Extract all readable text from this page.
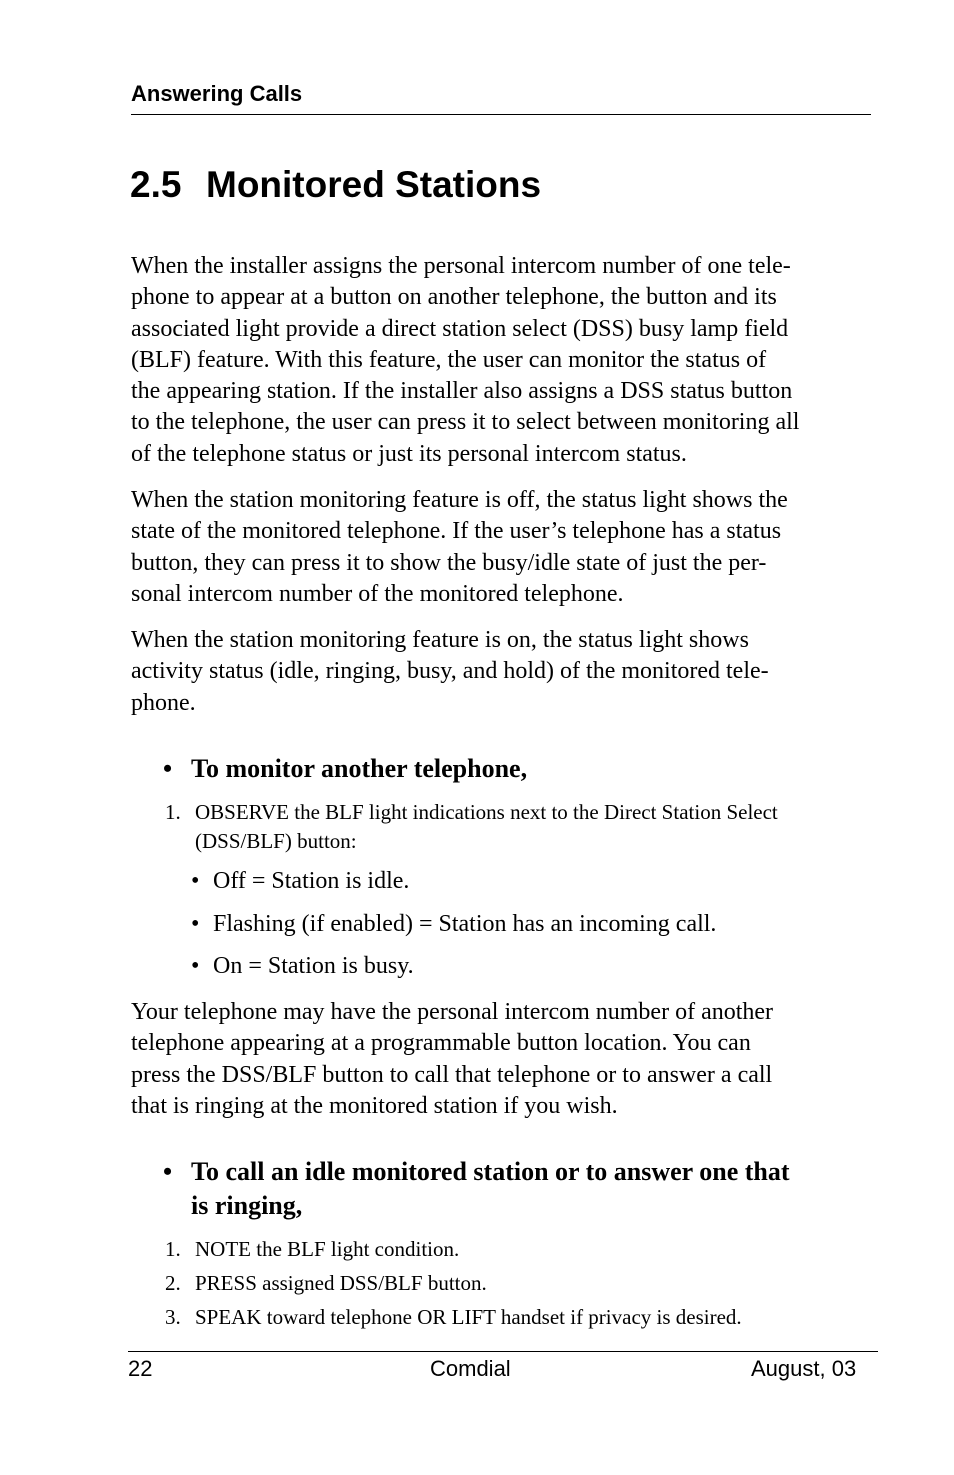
Answering Calls
2.5 Monitored Stations
When the installer assigns the personal intercom number of one tele-
phone to appear at a button on another telephone, the button and its
associated light provide a direct station select (DSS) busy lamp field
(BLF) feature. With this feature, the user can monitor the status of
the appearing station. If the installer also assigns a DSS status button
to the telephone, the user can press it to select between monitoring all
of the telephone status or just its personal intercom status.
When the station monitoring feature is off, the status light shows the
state of the monitored telephone. If the user’s telephone has a status
button, they can press it to show the busy/idle state of just the per-
sonal intercom number of the monitored telephone.
When the station monitoring feature is on, the status light shows
activity status (idle, ringing, busy, and hold) of the monitored tele-
phone.
• To monitor another telephone,
1. OBSERVE the BLF light indications next to the Direct Station Select
(DSS/BLF) button:
• Off = Station is idle.
• Flashing (if enabled) = Station has an incoming call.
• On = Station is busy.
Your telephone may have the personal intercom number of another
telephone appearing at a programmable button location. You can
press the DSS/BLF button to call that telephone or to answer a call
that is ringing at the monitored station if you wish.
• To call an idle monitored station or to answer one that
is ringing,
1. NOTE the BLF light condition.
2. PRESS assigned DSS/BLF button.
3. SPEAK toward telephone OR LIFT handset if privacy is desired.
22	Comdial	August, 03
